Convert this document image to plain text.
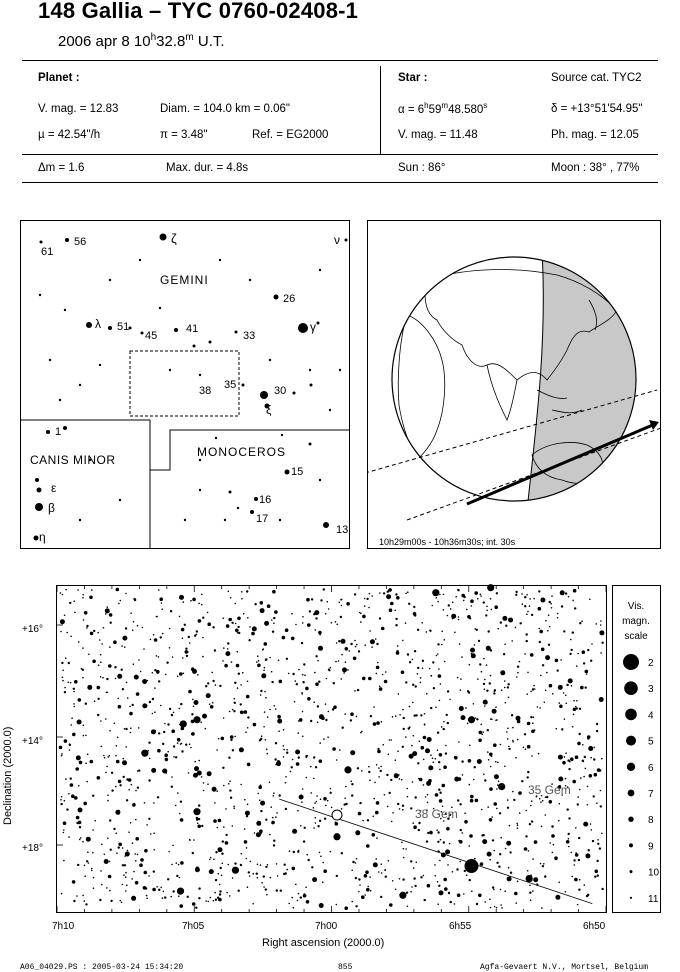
148 Gallia – TYC 0760-02408-1
2006 apr 8 10$^h$32.8$^m$ U.T.
Planet :
V. mag. = 12.83	Diam. = 104.0 km = 0.06"
µ = 42.54"/h	π = 3.48"	Ref. = EG2000
Star :	Source cat. TYC2
$\alpha = 6^h59^m48.580^s$	δ = +13°51'54.95"
V. mag. = 11.48	Ph. mag. = 12.05
Δm = 1.6	Max. dur. = 4.8s	Sun : 86°	Moon : 38° , 77%
GEMINI
CANIS MINOR
MONOCEROS
56
61
ζ	ν
26
λ 51
45
41
33
γ
38 35	30
ξ
1
15
ε
β
16
17
η	13
10h29m00s - 10h36m30s; int. 30s
38 Gem
35 Gem
7h10	7h05	7h00	6h55	6h50
+16°
+14°
+18°
Right ascension (2000.0)
Declination (2000.0)
Vis.
magn.
scale
2
3
4
5
6
7
8
9
10
11
A06_04029.PS : 2005-03-24 15:34:20	855	Agfa-Gevaert N.V., Mortsel, Belgium
